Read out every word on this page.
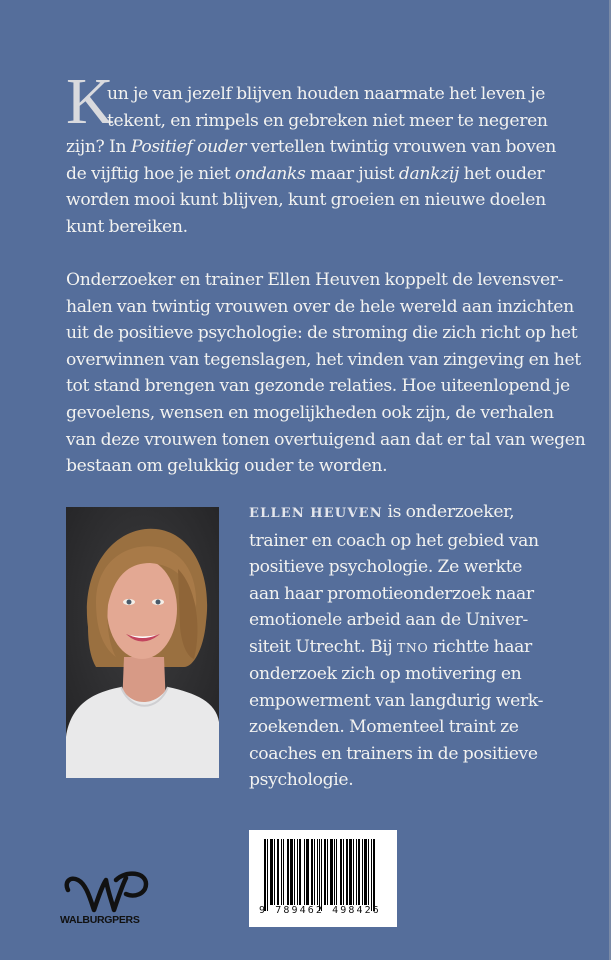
K
un je van jezelf blijven houden naarmate het leven je
tekent, en rimpels en gebreken niet meer te negeren
zijn? In Positief ouder vertellen twintig vrouwen van boven
de vijftig hoe je niet ondanks maar juist dankzij het ouder
worden mooi kunt blijven, kunt groeien en nieuwe doelen
kunt bereiken.
Onderzoeker en trainer Ellen Heuven koppelt de levensver-
halen van twintig vrouwen over de hele wereld aan inzichten
uit de positieve psychologie: de stroming die zich richt op het
overwinnen van tegenslagen, het vinden van zingeving en het
tot stand brengen van gezonde relaties. Hoe uiteenlopend je
gevoelens, wensen en mogelijkheden ook zijn, de verhalen
van deze vrouwen tonen overtuigend aan dat er tal van wegen
bestaan om gelukkig ouder te worden.
ELLEN HEUVEN is onderzoeker,
trainer en coach op het gebied van
positieve psychologie. Ze werkte
aan haar promotieonderzoek naar
emotionele arbeid aan de Univer-
siteit Utrecht. Bij TNO richtte haar
onderzoek zich op motivering en
empowerment van langdurig werk-
zoekenden. Momenteel traint ze
coaches en trainers in de positieve
psychologie.
WALBURGPERS
9 789462 498426
